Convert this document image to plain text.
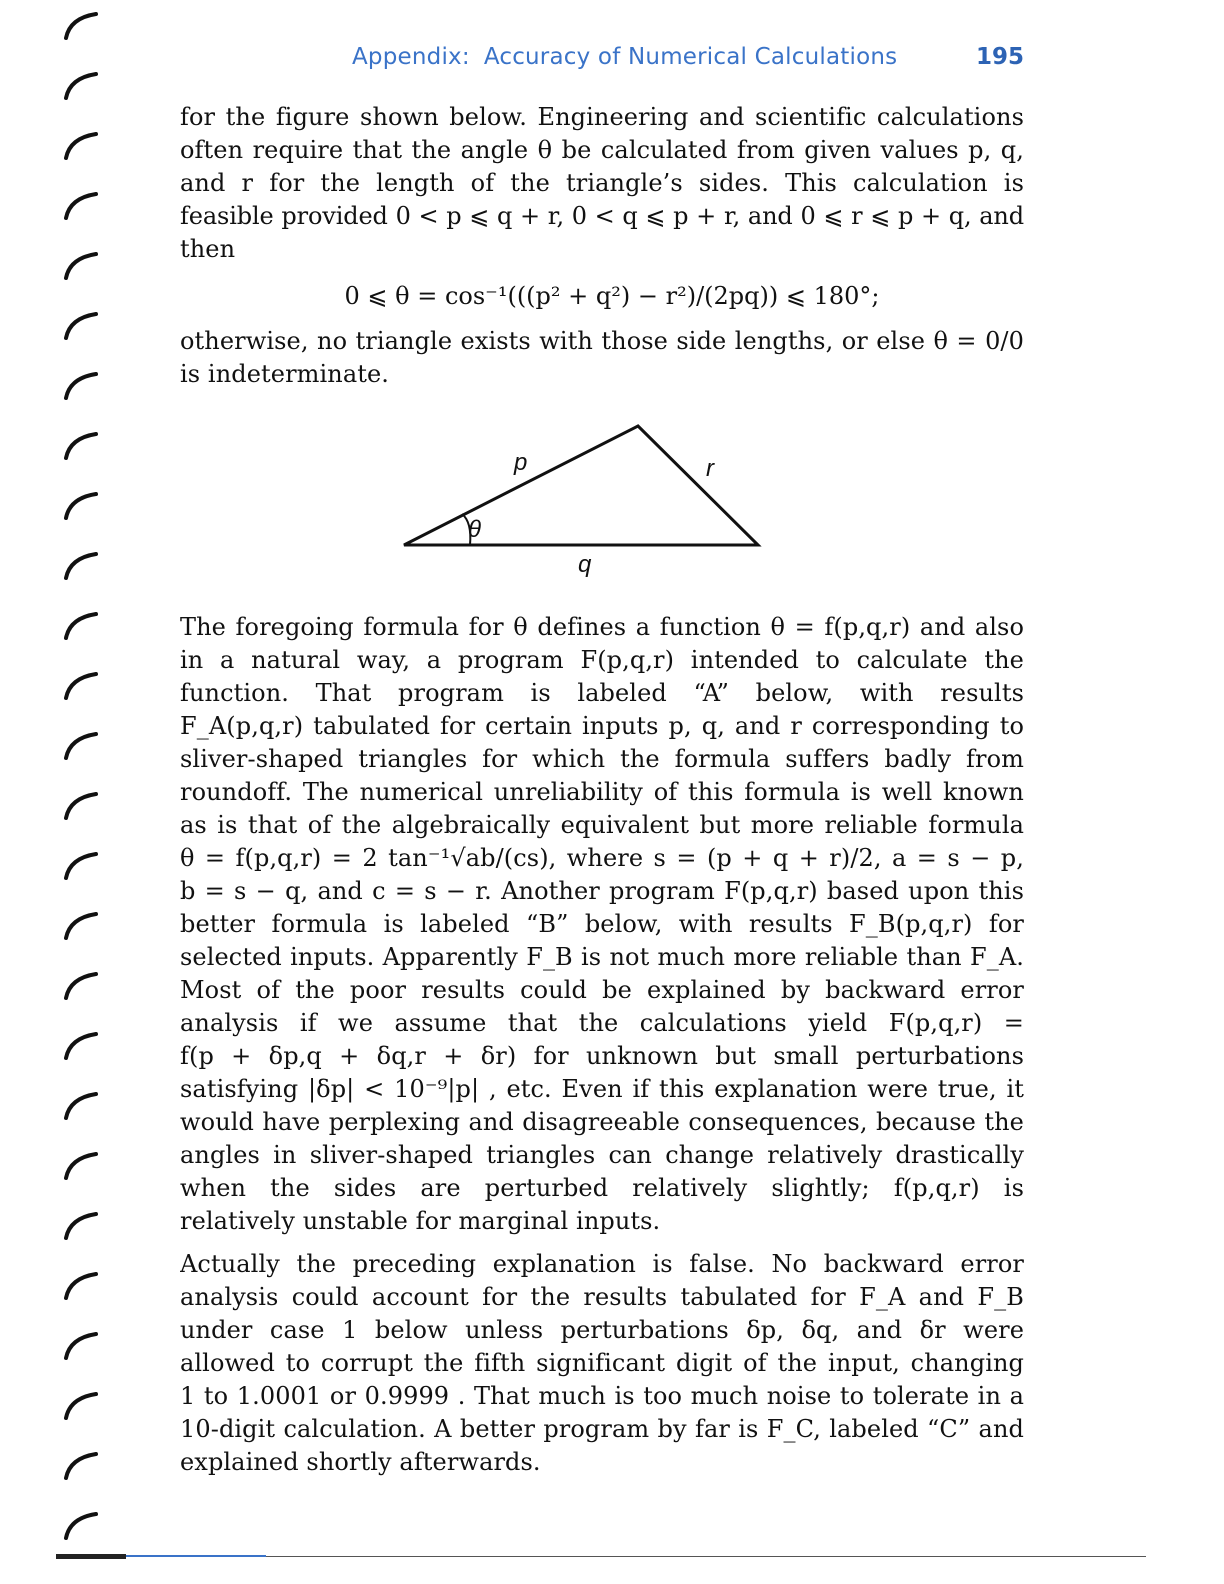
Appendix: Accuracy of Numerical Calculations	195
for the figure shown below. Engineering and scientific calculations
often require that the angle θ be calculated from given values p, q,
and r for the length of the triangle’s sides. This calculation is
feasible provided 0 < p ⩽ q + r, 0 < q ⩽ p + r, and 0 ⩽ r ⩽ p + q, and
then
0 ⩽ θ = cos⁻¹(((p² + q²) − r²)/(2pq)) ⩽ 180°;
otherwise, no triangle exists with those side lengths, or else θ = 0/0
is indeterminate.
p	r
θ
q
The foregoing formula for θ defines a function θ = f(p,q,r) and also
in a natural way, a program F(p,q,r) intended to calculate the
function. That program is labeled “A” below, with results
F_A(p,q,r) tabulated for certain inputs p, q, and r corresponding to
sliver-shaped triangles for which the formula suffers badly from
roundoff. The numerical unreliability of this formula is well known
as is that of the algebraically equivalent but more reliable formula
θ = f(p,q,r) = 2 tan⁻¹√ab/(cs), where s = (p + q + r)/2, a = s − p,
b = s − q, and c = s − r. Another program F(p,q,r) based upon this
better formula is labeled “B” below, with results F_B(p,q,r) for
selected inputs. Apparently F_B is not much more reliable than F_A.
Most of the poor results could be explained by backward error
analysis if we assume that the calculations yield F(p,q,r) =
f(p + δp,q + δq,r + δr) for unknown but small perturbations
satisfying |δp| < 10⁻⁹|p| , etc. Even if this explanation were true, it
would have perplexing and disagreeable consequences, because the
angles in sliver-shaped triangles can change relatively drastically
when the sides are perturbed relatively slightly; f(p,q,r) is
relatively unstable for marginal inputs.
Actually the preceding explanation is false. No backward error
analysis could account for the results tabulated for F_A and F_B
under case 1 below unless perturbations δp, δq, and δr were
allowed to corrupt the fifth significant digit of the input, changing
1 to 1.0001 or 0.9999 . That much is too much noise to tolerate in a
10-digit calculation. A better program by far is F_C, labeled “C” and
explained shortly afterwards.
